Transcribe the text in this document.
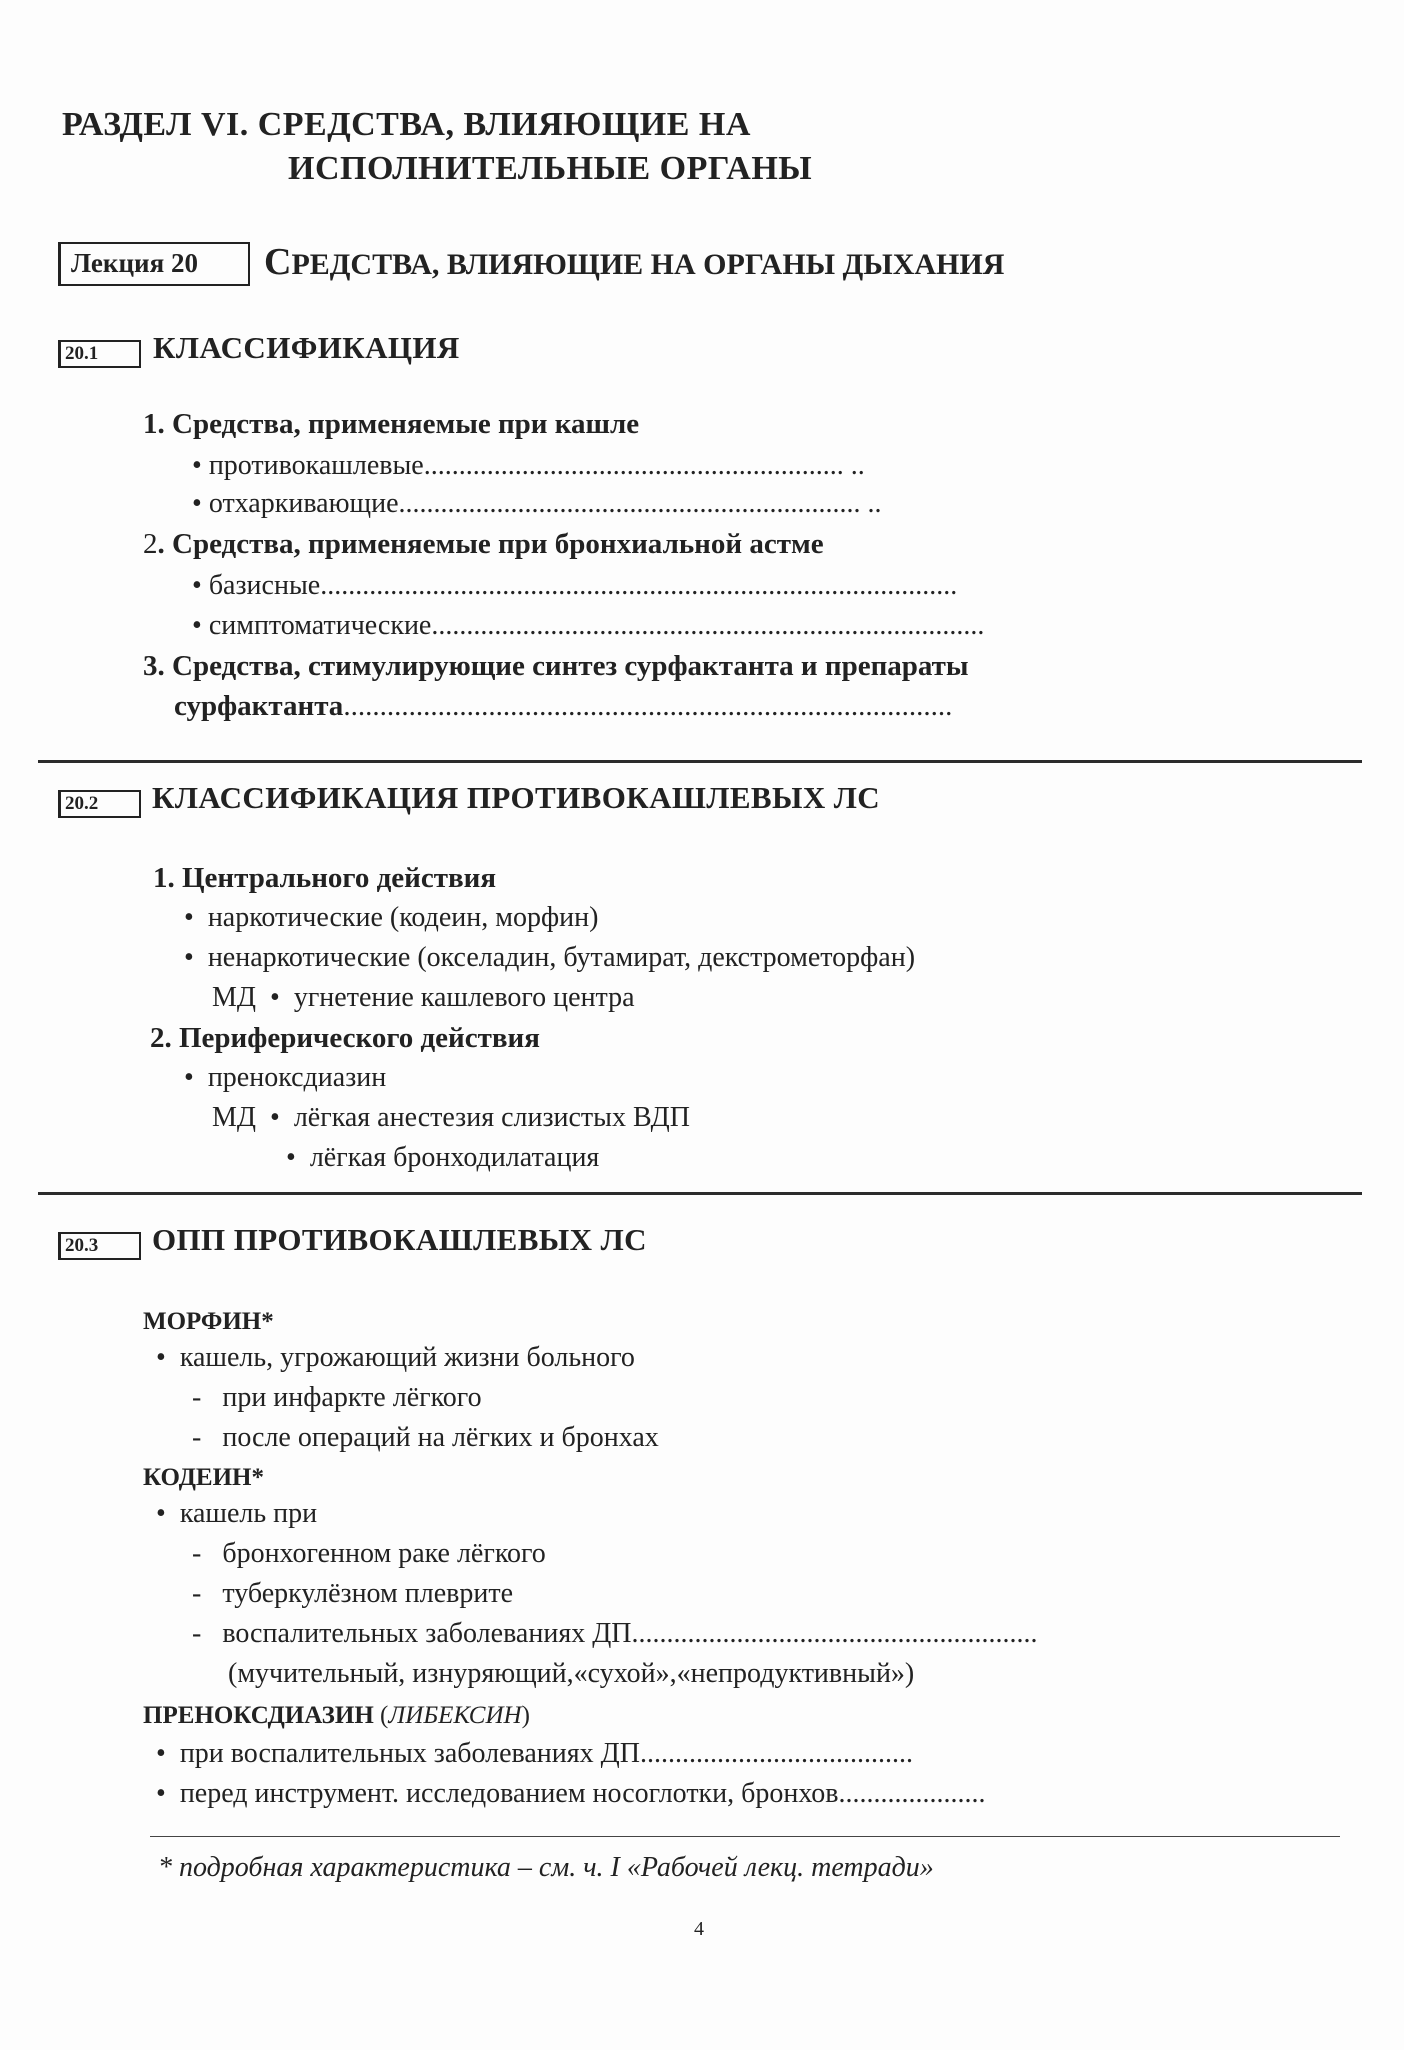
РАЗДЕЛ VI. СРЕДСТВА, ВЛИЯЮЩИЕ НА
ИСПОЛНИТЕЛЬНЫЕ ОРГАНЫ
Лекция 20	СРЕДСТВА, ВЛИЯЮЩИЕ НА ОРГАНЫ ДЫХАНИЯ
20.1	КЛАССИФИКАЦИЯ
1. Средства, применяемые при кашле
• противокашлевые............................................................ ..
• отхаркивающие.................................................................. ..
2. Средства, применяемые при бронхиальной астме
• базисные...........................................................................................
• симптоматические...............................................................................
3. Средства, стимулирующие синтез сурфактанта и препараты
сурфактанта....................................................................................
20.2	КЛАССИФИКАЦИЯ ПРОТИВОКАШЛЕВЫХ ЛС
1. Центрального действия
•  наркотические (кодеин, морфин)
•  ненаркотические (окселадин, бутамират, декстрометорфан)
МД  •  угнетение кашлевого центра
2. Периферического действия
•  преноксдиазин
МД  •  лёгкая анестезия слизистых ВДП
•  лёгкая бронходилатация
20.3	ОПП ПРОТИВОКАШЛЕВЫХ ЛС
МОРФИН*
•  кашель, угрожающий жизни больного
-   при инфаркте лёгкого
-   после операций на лёгких и бронхах
КОДЕИН*
•  кашель при
-   бронхогенном раке лёгкого
-   туберкулёзном плеврите
-   воспалительных заболеваниях ДП..........................................................
(мучительный, изнуряющий,«сухой»,«непродуктивный»)
ПРЕНОКСДИАЗИН (ЛИБЕКСИН)
•  при воспалительных заболеваниях ДП.......................................
•  перед инструмент. исследованием носоглотки, бронхов.....................
* подробная характеристика – см. ч. I «Рабочей лекц. тетради»
4
